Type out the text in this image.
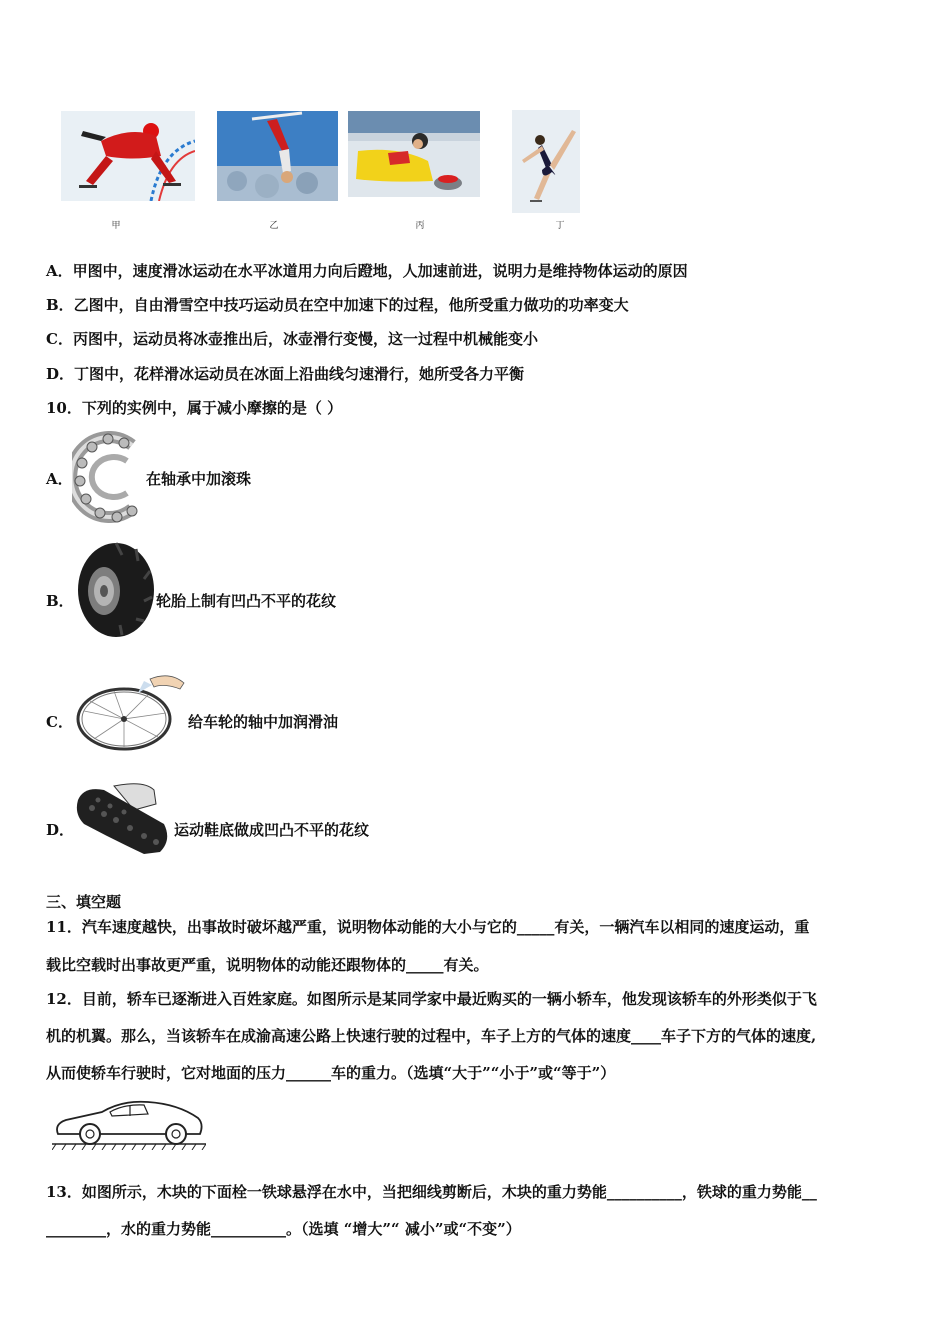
甲	乙	丙	丁
A．甲图中，速度滑冰运动在水平冰道用力向后蹬地，人加速前进，说明力是维持物体运动的原因
B．乙图中，自由滑雪空中技巧运动员在空中加速下的过程，他所受重力做功的功率变大
C．丙图中，运动员将冰壶推出后，冰壶滑行变慢，这一过程中机械能变小
D．丁图中，花样滑冰运动员在冰面上沿曲线匀速滑行，她所受各力平衡
10．下列的实例中，属于减小摩擦的是（ ）
A．	在轴承中加滚珠
B．	轮胎上制有凹凸不平的花纹
C．	给车轮的轴中加润滑油
D．	运动鞋底做成凹凸不平的花纹
三、填空题
11．汽车速度越快，出事故时破坏越严重，说明物体动能的大小与它的_____有关，一辆汽车以相同的速度运动，重
载比空载时出事故更严重，说明物体的动能还跟物体的_____有关。
12．目前，轿车已逐渐进入百姓家庭。如图所示是某同学家中最近购买的一辆小轿车，他发现该轿车的外形类似于飞
机的机翼。那么，当该轿车在成渝高速公路上快速行驶的过程中，车子上方的气体的速度____车子下方的气体的速度,
从而使轿车行驶时，它对地面的压力______车的重力。（选填“大于”“小于”或“等于”）
13．如图所示，木块的下面栓一铁球悬浮在水中，当把细线剪断后，木块的重力势能__________，铁球的重力势能__
________，水的重力势能__________。（选填 “增大”“ 减小”或“不变”）
